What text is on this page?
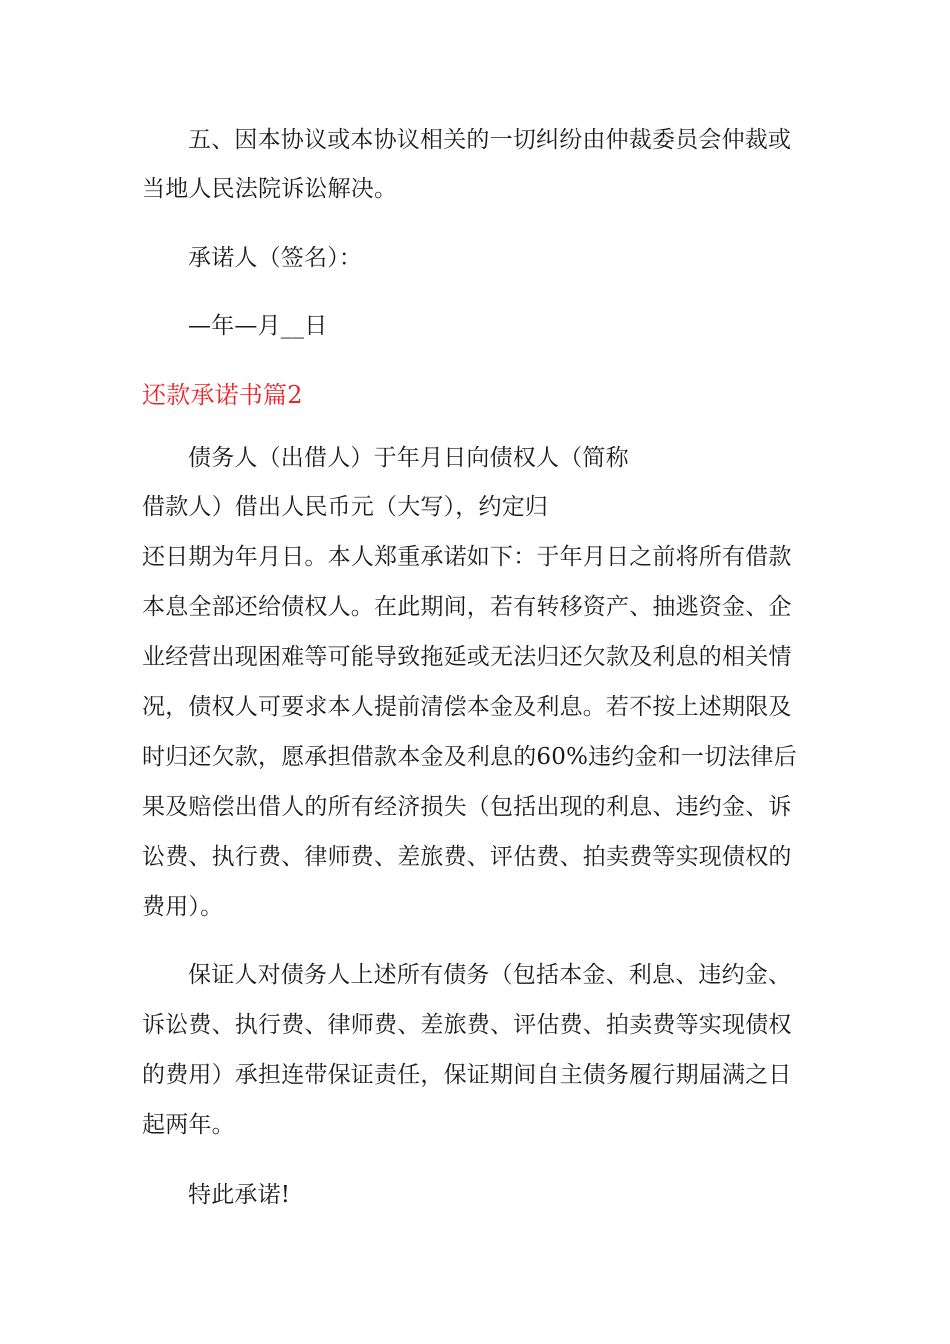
五、因本协议或本协议相关的一切纠纷由仲裁委员会仲裁或

当地人民法院诉讼解决。

承诺人（签名）：

—年—月__日

还款承诺书篇2

债务人（出借人）于年月日向债权人（简称

借款人）借出人民币元（大写），约定归

还日期为年月日。本人郑重承诺如下：于年月日之前将所有借款

本息全部还给债权人。在此期间，若有转移资产、抽逃资金、企

业经营出现困难等可能导致拖延或无法归还欠款及利息的相关情

况，债权人可要求本人提前清偿本金及利息。若不按上述期限及

时归还欠款，愿承担借款本金及利息的60%违约金和一切法律后

果及赔偿出借人的所有经济损失（包括出现的利息、违约金、诉

讼费、执行费、律师费、差旅费、评估费、拍卖费等实现债权的

费用）。

保证人对债务人上述所有债务（包括本金、利息、违约金、

诉讼费、执行费、律师费、差旅费、评估费、拍卖费等实现债权

的费用）承担连带保证责任，保证期间自主债务履行期届满之日

起两年。

特此承诺!
